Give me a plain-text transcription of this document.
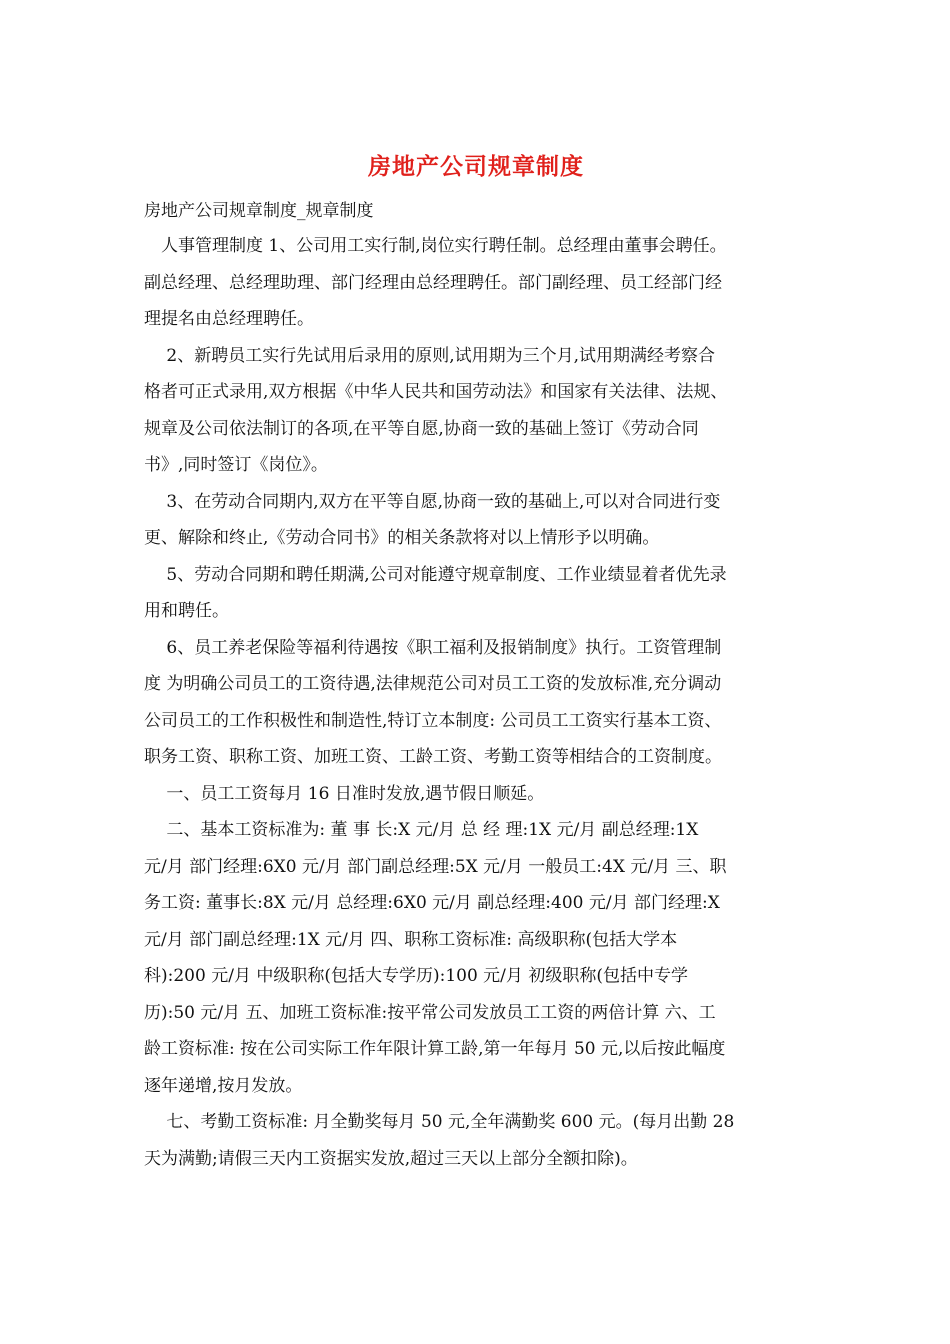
房地产公司规章制度
房地产公司规章制度_规章制度
　人事管理制度 1、公司用工实行制,岗位实行聘任制。总经理由董事会聘任。
副总经理、总经理助理、部门经理由总经理聘任。部门副经理、员工经部门经
理提名由总经理聘任。
　 2、新聘员工实行先试用后录用的原则,试用期为三个月,试用期满经考察合
格者可正式录用,双方根据《中华人民共和国劳动法》和国家有关法律、法规、
规章及公司依法制订的各项,在平等自愿,协商一致的基础上签订《劳动合同
书》,同时签订《岗位》。
　 3、在劳动合同期内,双方在平等自愿,协商一致的基础上,可以对合同进行变
更、解除和终止,《劳动合同书》的相关条款将对以上情形予以明确。
　 5、劳动合同期和聘任期满,公司对能遵守规章制度、工作业绩显着者优先录
用和聘任。
　 6、员工养老保险等福利待遇按《职工福利及报销制度》执行。工资管理制
度 为明确公司员工的工资待遇,法律规范公司对员工工资的发放标准,充分调动
公司员工的工作积极性和制造性,特订立本制度: 公司员工工资实行基本工资、
职务工资、职称工资、加班工资、工龄工资、考勤工资等相结合的工资制度。
　 一、员工工资每月 16 日准时发放,遇节假日顺延。
　 二、基本工资标准为: 董 事 长:X 元/月 总 经 理:1X 元/月 副总经理:1X
元/月 部门经理:6X0 元/月 部门副总经理:5X 元/月 一般员工:4X 元/月 三、职
务工资: 董事长:8X 元/月 总经理:6X0 元/月 副总经理:400 元/月 部门经理:X
元/月 部门副总经理:1X 元/月 四、职称工资标准: 高级职称(包括大学本
科):200 元/月 中级职称(包括大专学历):100 元/月 初级职称(包括中专学
历):50 元/月 五、加班工资标准:按平常公司发放员工工资的两倍计算 六、工
龄工资标准: 按在公司实际工作年限计算工龄,第一年每月 50 元,以后按此幅度
逐年递增,按月发放。
　 七、考勤工资标准: 月全勤奖每月 50 元,全年满勤奖 600 元。(每月出勤 28
天为满勤;请假三天内工资据实发放,超过三天以上部分全额扣除)。
